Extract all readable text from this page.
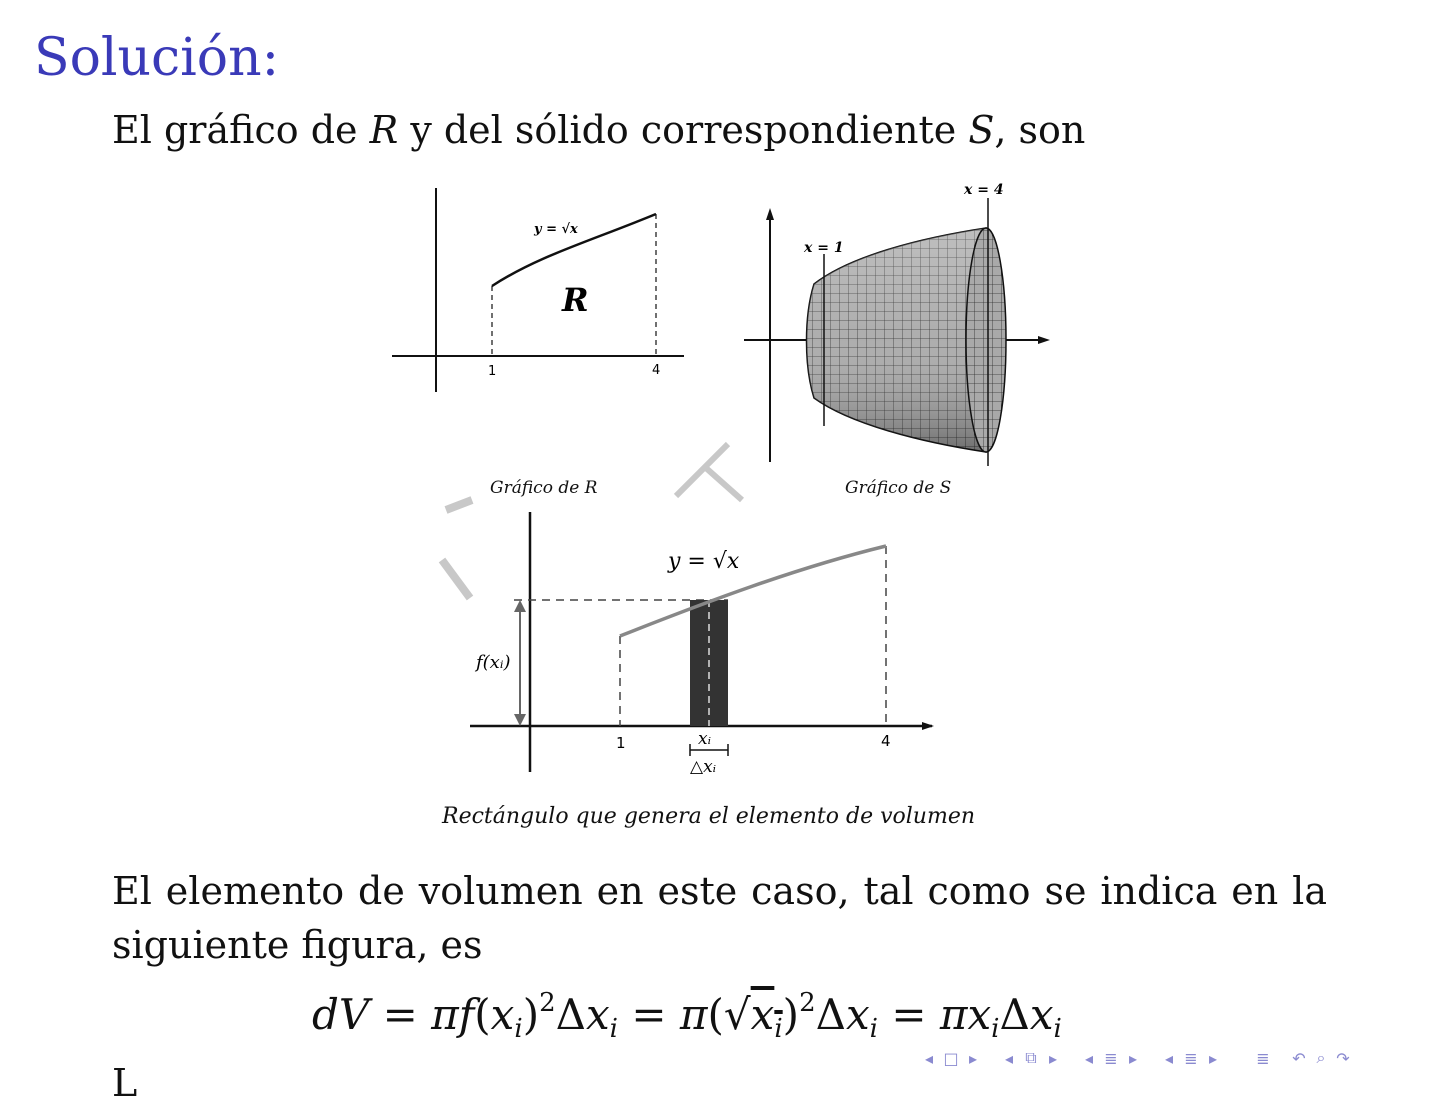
Solución:
El gráfico de R y del sólido correspondiente S, son
y = √x
R
1	4
Gráfico de R
x = 1
x = 4
Gráfico de S
y = √x
f(xᵢ)
xᵢ
△xᵢ
1	4
Rectángulo que genera el elemento de volumen
El elemento de volumen en este caso, tal como se indica en la
siguiente figura, es
dV = $\pi f(x_i)^2\Delta x_i = \pi(√x_i)^2\Delta x_i = \pi x_i\Delta x_i$
L
◂ □ ▸	◂ ⧉ ▸	◂ ≣ ▸	◂ ≣ ▸	≣	↶ ⌕ ↷
